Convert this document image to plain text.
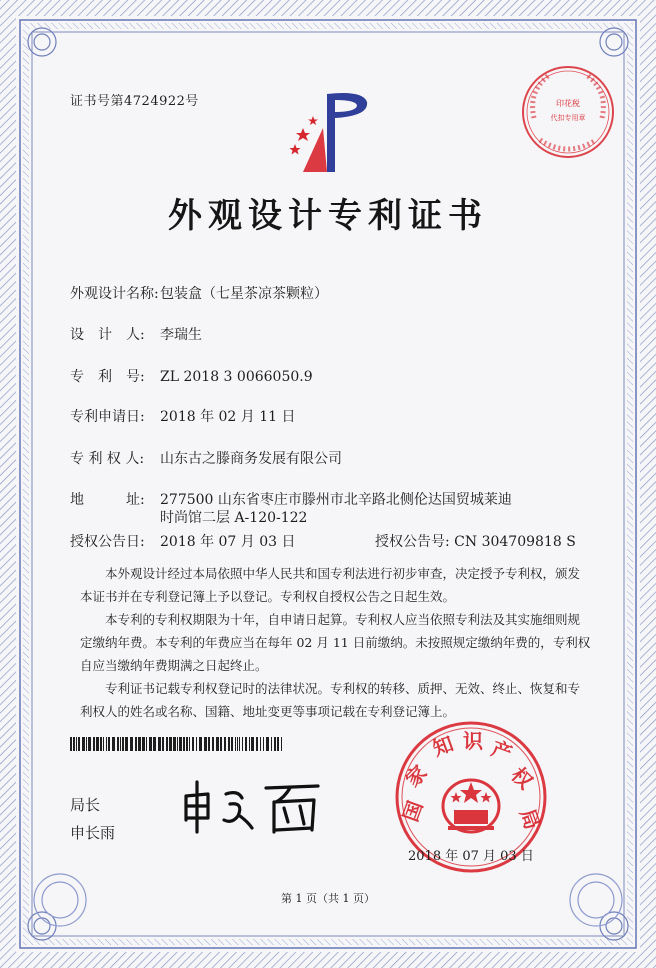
证书号第4724922号
外观设计专利证书
外观设计名称:包装盒（七星茶凉茶颗粒）
设　计　人: 李瑞生
专　利　号: ZL 2018 3 0066050.9
专利申请日: 2018 年 02 月 11 日
专 利 权 人: 山东古之滕商务发展有限公司
地　　　址: 277500 山东省枣庄市滕州市北辛路北侧伦达国贸城莱迪
时尚馆二层 A-120-122
授权公告日: 2018 年 07 月 03 日	授权公告号: CN 304709818 S
本外观设计经过本局依照中华人民共和国专利法进行初步审查，决定授予专利权，颁发
本证书并在专利登记簿上予以登记。专利权自授权公告之日起生效。
本专利的专利权期限为十年，自申请日起算。专利权人应当依照专利法及其实施细则规
定缴纳年费。本专利的年费应当在每年 02 月 11 日前缴纳。未按照规定缴纳年费的，专利权
自应当缴纳年费期满之日起终止。
专利证书记载专利权登记时的法律状况。专利权的转移、质押、无效、终止、恢复和专
利权人的姓名或名称、国籍、地址变更等事项记载在专利登记簿上。
局长
申长雨
国
家
知 识 产
权
局
2018 年 07 月 03 日
印花税
代扣专用章
第 1 页（共 1 页）
